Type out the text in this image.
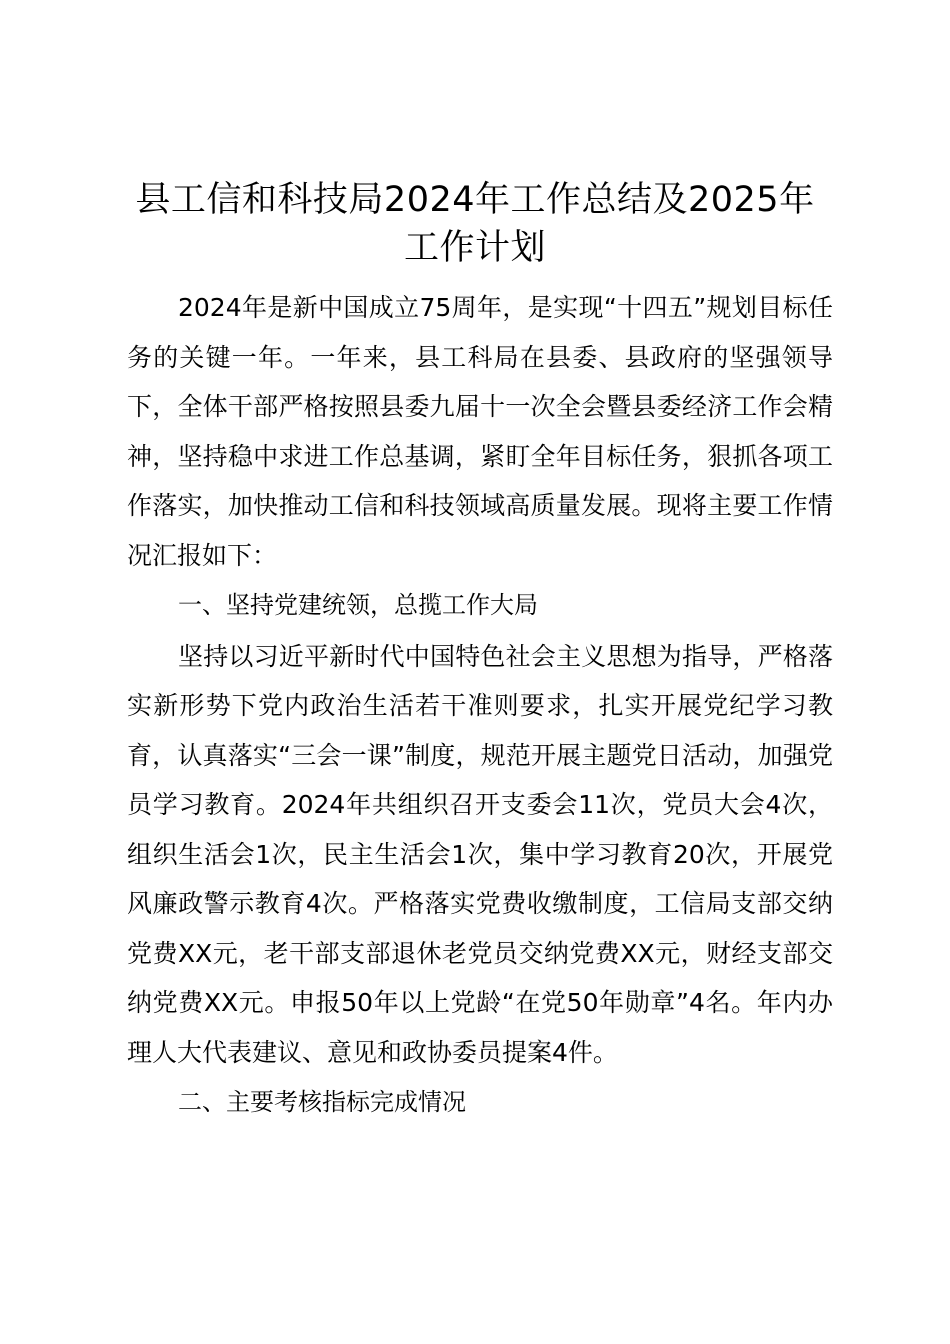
县工信和科技局2024年工作总结及2025年工作计划

2024年是新中国成立75周年，是实现“十四五”规划目标任务的关键一年。一年来，县工科局在县委、县政府的坚强领导下，全体干部严格按照县委九届十一次全会暨县委经济工作会精神，坚持稳中求进工作总基调，紧盯全年目标任务，狠抓各项工作落实，加快推动工信和科技领域高质量发展。现将主要工作情况汇报如下：

一、坚持党建统领，总揽工作大局

坚持以习近平新时代中国特色社会主义思想为指导，严格落实新形势下党内政治生活若干准则要求，扎实开展党纪学习教育，认真落实“三会一课”制度，规范开展主题党日活动，加强党员学习教育。2024年共组织召开支委会11次，党员大会4次，组织生活会1次，民主生活会1次，集中学习教育20次，开展党风廉政警示教育4次。严格落实党费收缴制度，工信局支部交纳党费XX元，老干部支部退休老党员交纳党费XX元，财经支部交纳党费XX元。申报50年以上党龄“在党50年勋章”4名。年内办理人大代表建议、意见和政协委员提案4件。

二、主要考核指标完成情况
